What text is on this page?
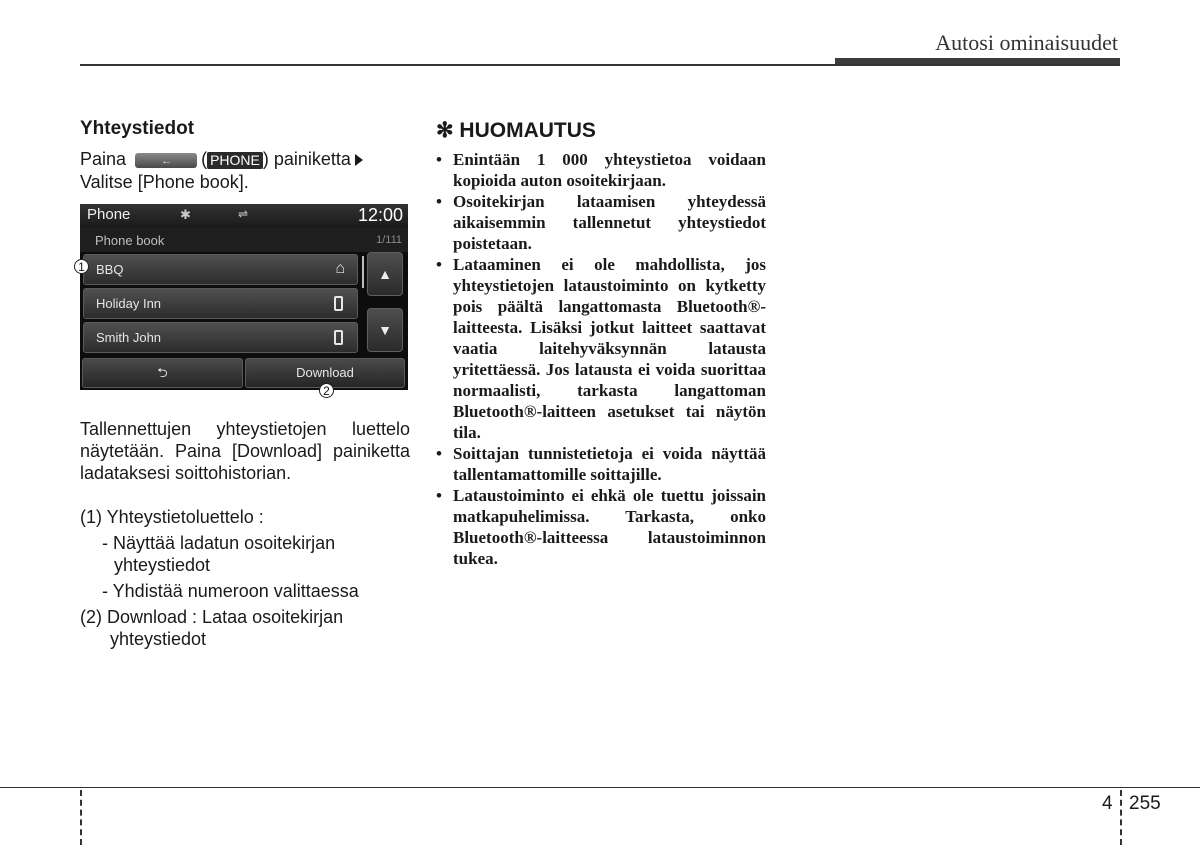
Autosi ominaisuudet
Yhteystiedot

Paina ←	( PHONE ) painiketta

Valitse [Phone book].

Phone	✱	⇌	12:00
Phone book	1/111
BBQ	⌂
Holiday Inn
Smith John
▲
▼
⮌	Download
1
2

Tallennettujen yhteystietojen luettelo näytetään. Paina [Download] painiketta ladataksesi soittohistorian.

(1) Yhteystietoluettelo :

- Näyttää ladatun osoitekirjan yhteystiedot

- Yhdistää numeroon valittaessa

(2) Download : Lataa osoitekirjan yhteystiedot

✻ HUOMAUTUS
• Enintään 1 000 yhteystietoa voidaan kopioida auton osoitekirjaan.
• Osoitekirjan lataamisen yhteydessä aikaisemmin tallennetut yhteystiedot poistetaan.
• Lataaminen ei ole mahdollista, jos yhteystietojen lataustoiminto on kytketty pois päältä langattomasta Bluetooth®-laitteesta. Lisäksi jotkut laitteet saattavat vaatia laitehyväksynnän latausta yritettäessä. Jos latausta ei voida suorittaa normaalisti, tarkasta langattoman Bluetooth®-laitteen asetukset tai näytön tila.
• Soittajan tunnistetietoja ei voida näyttää tallentamattomille soittajille.
• Lataustoiminto ei ehkä ole tuettu joissain matkapuhelimissa. Tarkasta, onko Bluetooth®-laitteessa lataustoiminnon tukea.
4 255
